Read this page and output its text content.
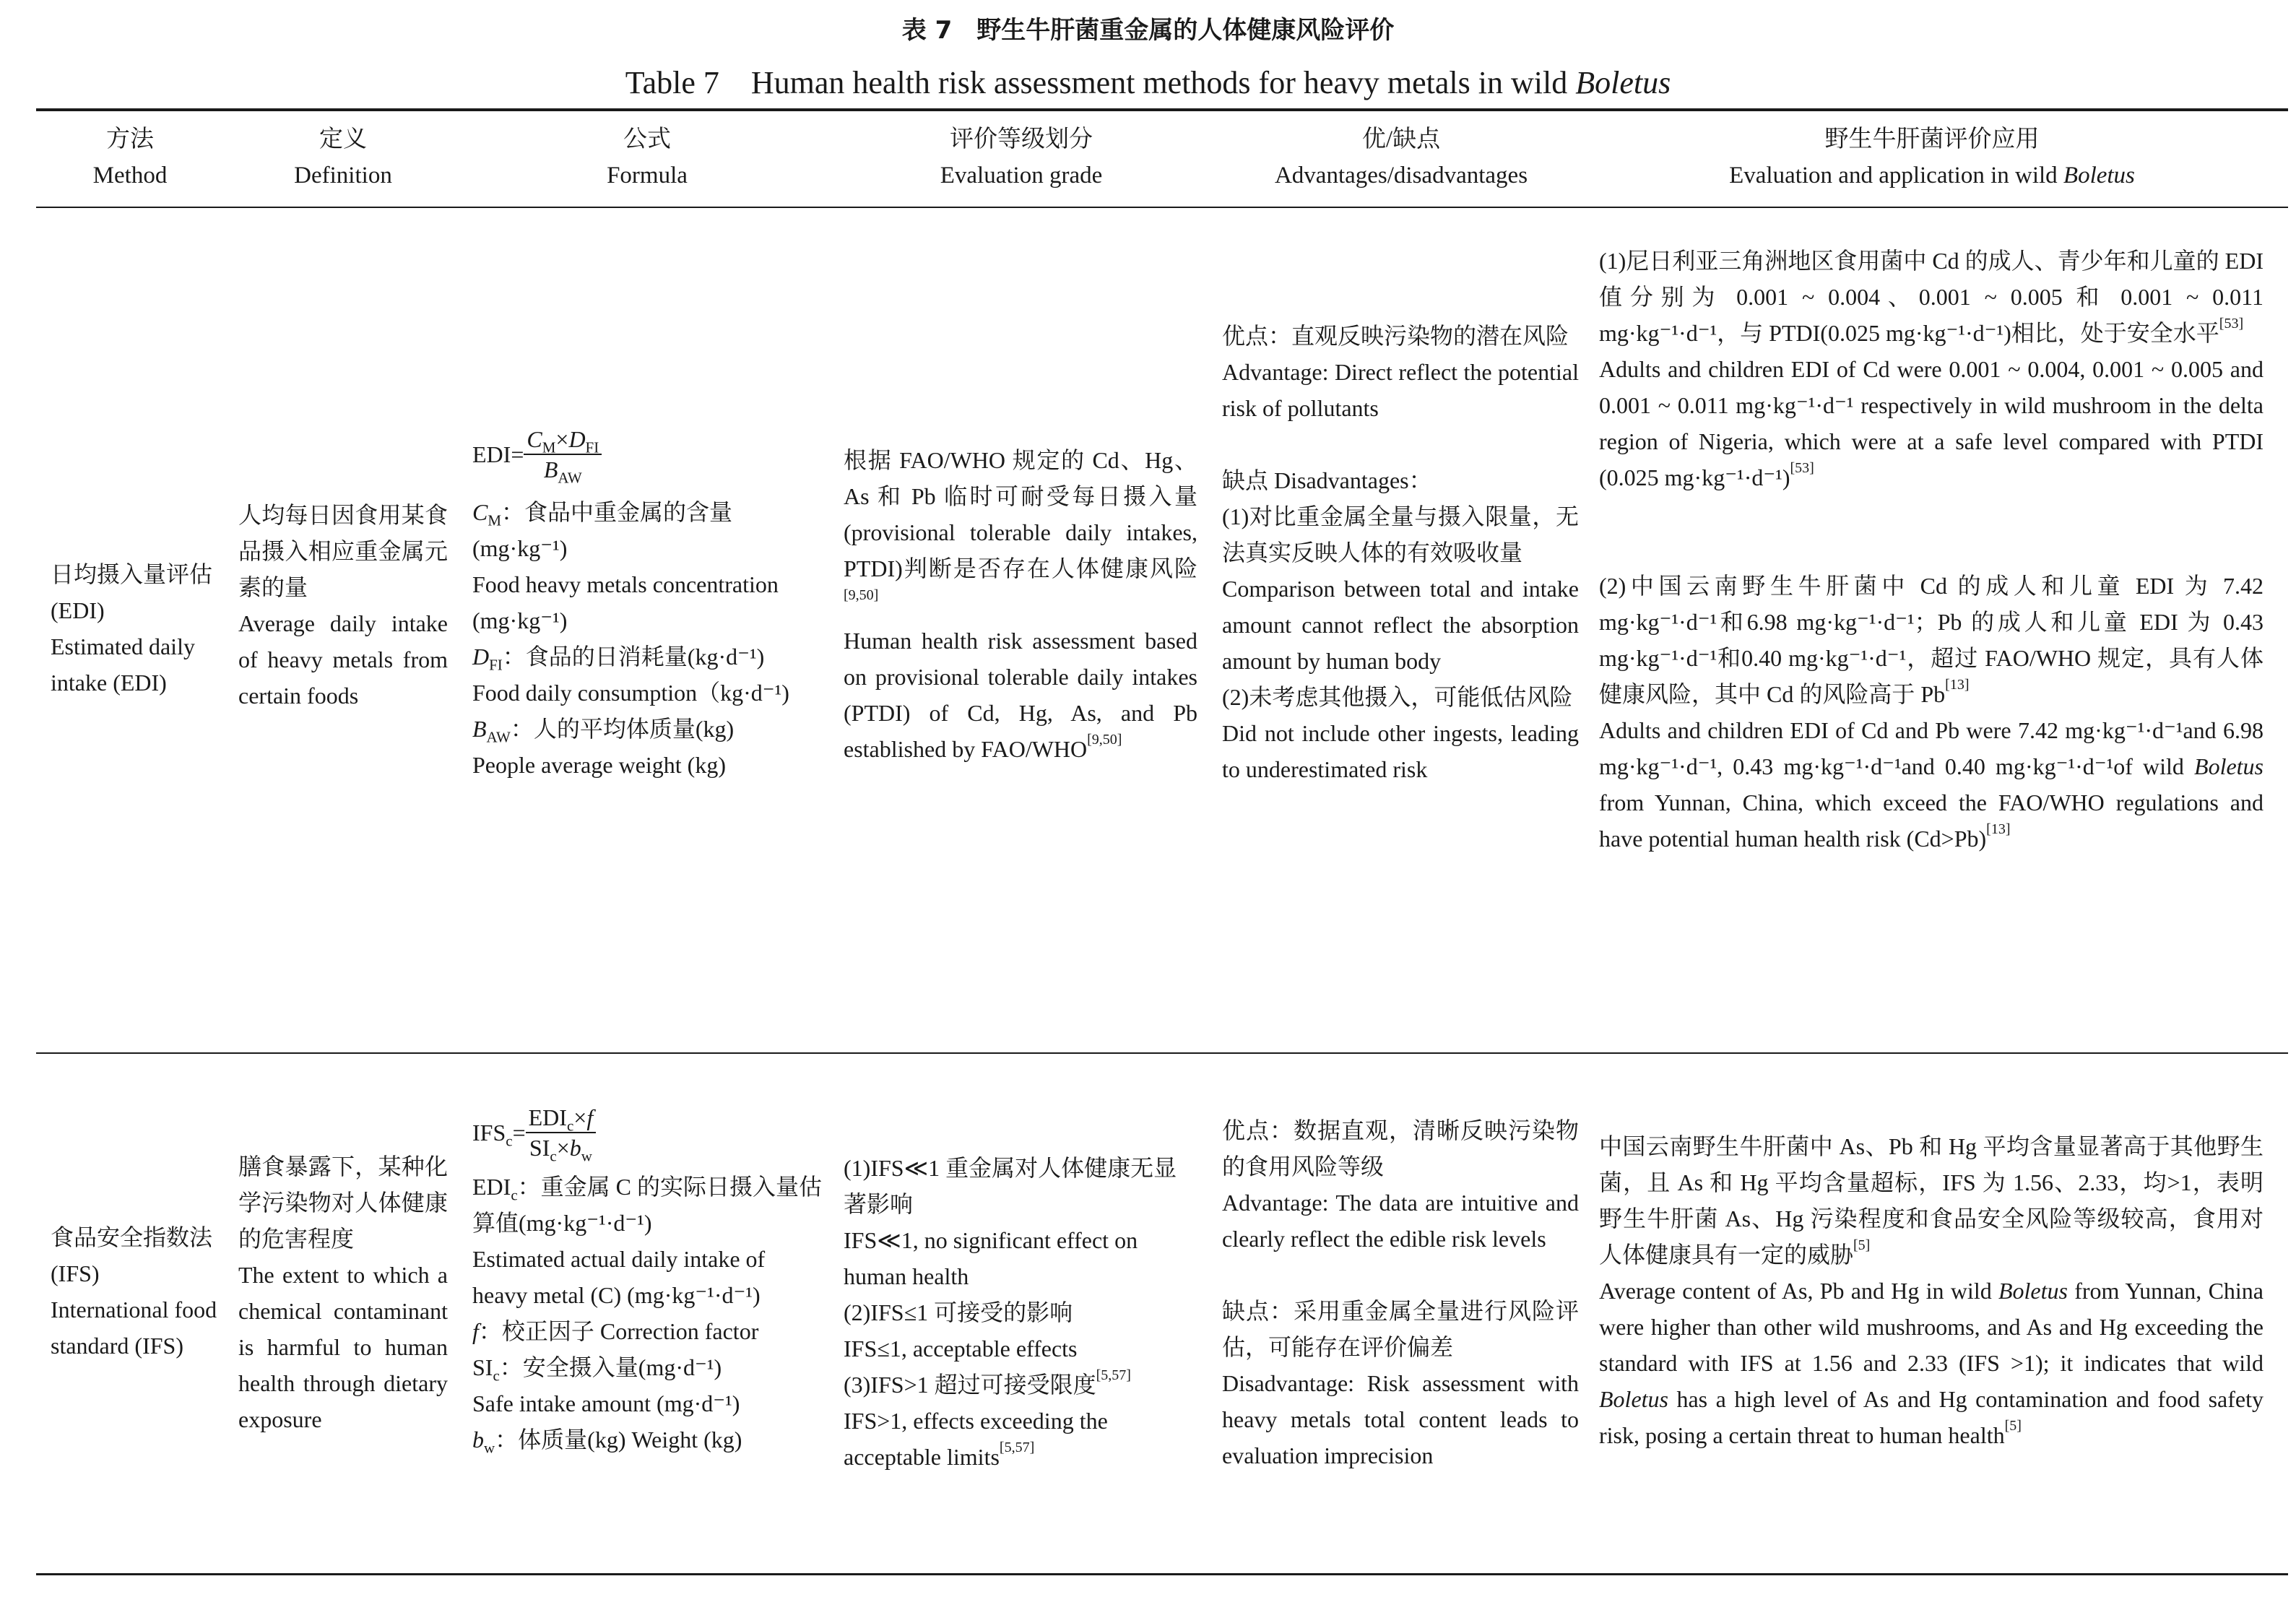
表 7　野生牛肝菌重金属的人体健康风险评价
Table 7　Human health risk assessment methods for heavy metals in wild Boletus
方法
Method
定义
Definition
公式
Formula
评价等级划分
Evaluation grade
优/缺点
Advantages/disadvantages
野生牛肝菌评价应用
Evaluation and application in wild Boletus
日均摄入量评估(EDI)
Estimated daily intake (EDI)
人均每日因食用某食品摄入相应重金属元素的量
Average daily intake of heavy metals from certain foods
$EDI= \frac{C_M\times D_{FI}}{B_{AW}}$
$C_M$：食品中重金属的含量(mg·kg⁻¹)
Food heavy metals concentration (mg·kg⁻¹)
$D_{FI}$：食品的日消耗量(kg·d⁻¹)
Food daily consumption（kg·d⁻¹)
$B_{AW}$：人的平均体质量(kg)
People average weight (kg)
根据 FAO/WHO 规定的 Cd、Hg、As 和 Pb 临时可耐受每日摄入量(provisional tolerable daily intakes, PTDI)判断是否存在人体健康风险[9,50]
Human health risk assessment based on provisional tolerable daily intakes (PTDI) of Cd, Hg, As, and Pb established by FAO/WHO[9,50]
优点：直观反映污染物的潜在风险
Advantage: Direct reflect the potential risk of pollutants
缺点 Disadvantages：
(1)对比重金属全量与摄入限量，无法真实反映人体的有效吸收量
Comparison between total and intake amount cannot reflect the absorption amount by human body
(2)未考虑其他摄入，可能低估风险
Did not include other ingests, leading to underestimated risk
(1)尼日利亚三角洲地区食用菌中 Cd 的成人、青少年和儿童的 EDI 值分别为 0.001 ~ 0.004、0.001 ~ 0.005 和 0.001 ~ 0.011 mg·kg⁻¹·d⁻¹，与 PTDI(0.025 mg·kg⁻¹·d⁻¹)相比，处于安全水平[53]
Adults and children EDI of Cd were 0.001 ~ 0.004, 0.001 ~ 0.005 and 0.001 ~ 0.011 mg·kg⁻¹·d⁻¹ respectively in wild mushroom in the delta region of Nigeria, which were at a safe level compared with PTDI (0.025 mg·kg⁻¹·d⁻¹)[53]
(2)中国云南野生牛肝菌中 Cd 的成人和儿童 EDI 为 7.42 mg·kg⁻¹·d⁻¹和6.98 mg·kg⁻¹·d⁻¹；Pb 的成人和儿童 EDI 为 0.43 mg·kg⁻¹·d⁻¹和0.40 mg·kg⁻¹·d⁻¹，超过 FAO/WHO 规定，具有人体健康风险，其中 Cd 的风险高于 Pb[13]
Adults and children EDI of Cd and Pb were 7.42 mg·kg⁻¹·d⁻¹and 6.98 mg·kg⁻¹·d⁻¹, 0.43 mg·kg⁻¹·d⁻¹and 0.40 mg·kg⁻¹·d⁻¹of wild Boletus from Yunnan, China, which exceed the FAO/WHO regulations and have potential human health risk (Cd>Pb)[13]
食品安全指数法(IFS)
International food standard (IFS)
膳食暴露下，某种化学污染物对人体健康的危害程度
The extent to which a chemical contaminant is harmful to human health through dietary exposure
$IFS_c= \frac{EDI_c\times f}{SI_c\times b_w}$
$EDI_c$：重金属 C 的实际日摄入量估算值(mg·kg⁻¹·d⁻¹)
Estimated actual daily intake of heavy metal (C) (mg·kg⁻¹·d⁻¹)
f：校正因子 Correction factor
$SI_c$：安全摄入量(mg·d⁻¹)
Safe intake amount (mg·d⁻¹)
$b_w$：体质量(kg) Weight (kg)
(1)IFS≪1 重金属对人体健康无显著影响
IFS≪1, no significant effect on human health
(2)IFS≤1 可接受的影响
IFS≤1, acceptable effects
(3)IFS>1 超过可接受限度[5,57]
IFS>1, effects exceeding the acceptable limits[5,57]
优点：数据直观，清晰反映污染物的食用风险等级
Advantage: The data are intuitive and clearly reflect the edible risk levels
缺点：采用重金属全量进行风险评估，可能存在评价偏差
Disadvantage: Risk assessment with heavy metals total content leads to evaluation imprecision
中国云南野生牛肝菌中 As、Pb 和 Hg 平均含量显著高于其他野生菌，且 As 和 Hg 平均含量超标，IFS 为 1.56、2.33，均>1，表明野生牛肝菌 As、Hg 污染程度和食品安全风险等级较高，食用对人体健康具有一定的威胁[5]
Average content of As, Pb and Hg in wild Boletus from Yunnan, China were higher than other wild mushrooms, and As and Hg exceeding the standard with IFS at 1.56 and 2.33 (IFS >1); it indicates that wild Boletus has a high level of As and Hg contamination and food safety risk, posing a certain threat to human health[5]
